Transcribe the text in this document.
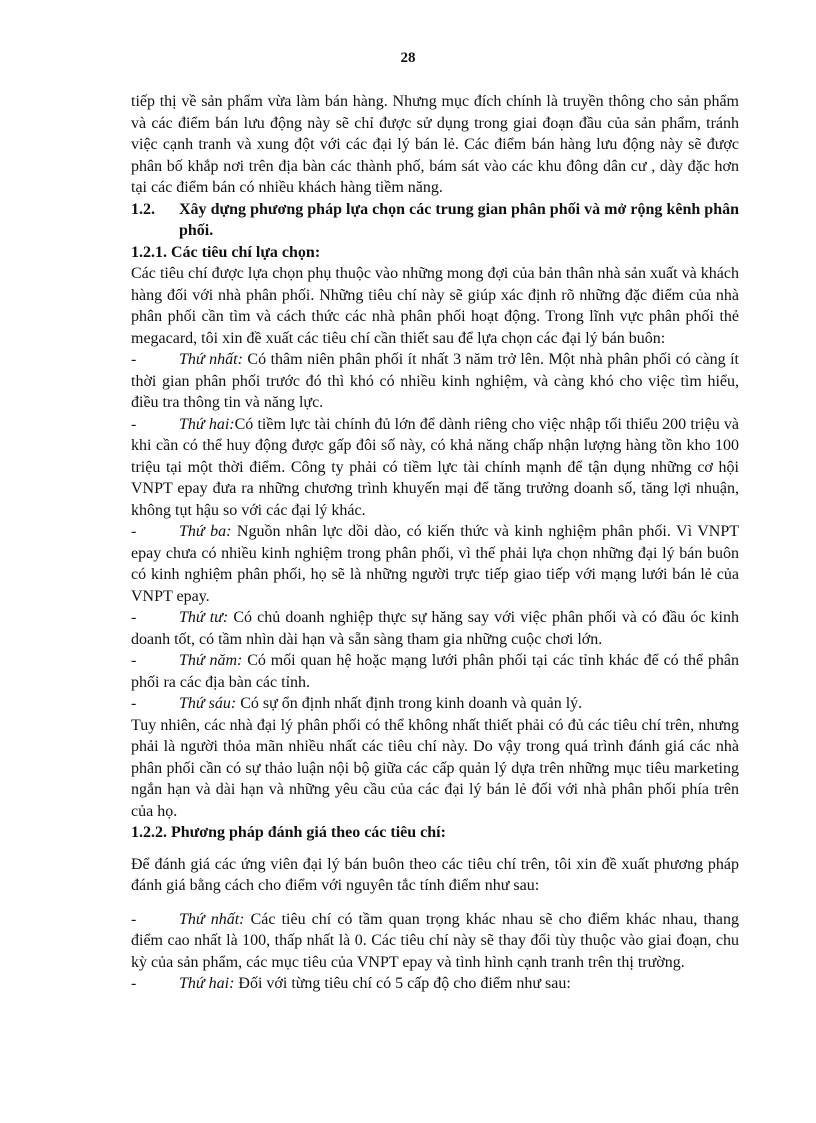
28

tiếp thị về sản phẩm vừa làm bán hàng. Nhưng mục đích chính là truyền thông cho sản phẩm và các điểm bán lưu động này sẽ chỉ được sử dụng trong giai đoạn đầu của sản phẩm, tránh việc cạnh tranh và xung đột với các đại lý bán lẻ. Các điểm bán hàng lưu động này sẽ được phân bố khắp nơi trên địa bàn các thành phố, bám sát vào các khu đông dân cư , dày đặc hơn tại các điểm bán có nhiều khách hàng tiềm năng.

1.2.	Xây dựng phương pháp lựa chọn các trung gian phân phối và mở rộng kênh phân phối.

1.2.1. Các tiêu chí lựa chọn:

Các tiêu chí được lựa chọn phụ thuộc vào những mong đợi của bản thân nhà sản xuất và khách hàng đối với nhà phân phối. Những tiêu chí này sẽ giúp xác định rõ những đặc điểm của nhà phân phối cần tìm và cách thức các nhà phân phối hoạt động. Trong lĩnh vực phân phối thẻ megacard, tôi xin đề xuất các tiêu chí cần thiết sau để lựa chọn các đại lý bán buôn:

-	Thứ nhất: Có thâm niên phân phối ít nhất 3 năm trở lên. Một nhà phân phối có càng ít thời gian phân phối trước đó thì khó có nhiều kinh nghiệm, và càng khó cho việc tìm hiểu, điều tra thông tin và năng lực.

-	Thứ hai:Có tiềm lực tài chính đủ lớn để dành riêng cho việc nhập tối thiểu 200 triệu và khi cần có thể huy động được gấp đôi số này, có khả năng chấp nhận lượng hàng tồn kho 100 triệu tại một thời điểm. Công ty phải có tiềm lực tài chính mạnh để tận dụng những cơ hội VNPT epay đưa ra những chương trình khuyến mại để tăng trưởng doanh số, tăng lợi nhuận, không tụt hậu so với các đại lý khác.

-	Thứ ba: Nguồn nhân lực dồi dào, có kiến thức và kinh nghiệm phân phối. Vì VNPT epay chưa có nhiều kinh nghiệm trong phân phối, vì thế phải lựa chọn những đại lý bán buôn có kinh nghiệm phân phối, họ sẽ là những người trực tiếp giao tiếp với mạng lưới bán lẻ của VNPT epay.

-	Thứ tư: Có chủ doanh nghiệp thực sự hăng say với việc phân phối và có đầu óc kinh doanh tốt, có tầm nhìn dài hạn và sẵn sàng tham gia những cuộc chơi lớn.

-	Thứ năm: Có mối quan hệ hoặc mạng lưới phân phối tại các tỉnh khác để có thể phân phối ra các địa bàn các tỉnh.

-	Thứ sáu: Có sự ổn định nhất định trong kinh doanh và quản lý.

Tuy nhiên, các nhà đại lý phân phối có thể không nhất thiết phải có đủ các tiêu chí trên, nhưng phải là người thỏa mãn nhiều nhất các tiêu chí này. Do vậy trong quá trình đánh giá các nhà phân phối cần có sự thảo luận nội bộ giữa các cấp quản lý dựa trên những mục tiêu marketing ngắn hạn và dài hạn và những yêu cầu của các đại lý bán lẻ đối với nhà phân phối phía trên của họ.

1.2.2. Phương pháp đánh giá theo các tiêu chí:

Để đánh giá các ứng viên đại lý bán buôn theo các tiêu chí trên, tôi xin đề xuất phương pháp đánh giá bằng cách cho điểm với nguyên tắc tính điểm như sau:

-	Thứ nhất: Các tiêu chí có tầm quan trọng khác nhau sẽ cho điểm khác nhau, thang điểm cao nhất là 100, thấp nhất là 0. Các tiêu chí này sẽ thay đổi tùy thuộc vào giai đoạn, chu kỳ của sản phẩm, các mục tiêu của VNPT epay và tình hình cạnh tranh trên thị trường.

-	Thứ hai: Đối với từng tiêu chí có 5 cấp độ cho điểm như sau:
